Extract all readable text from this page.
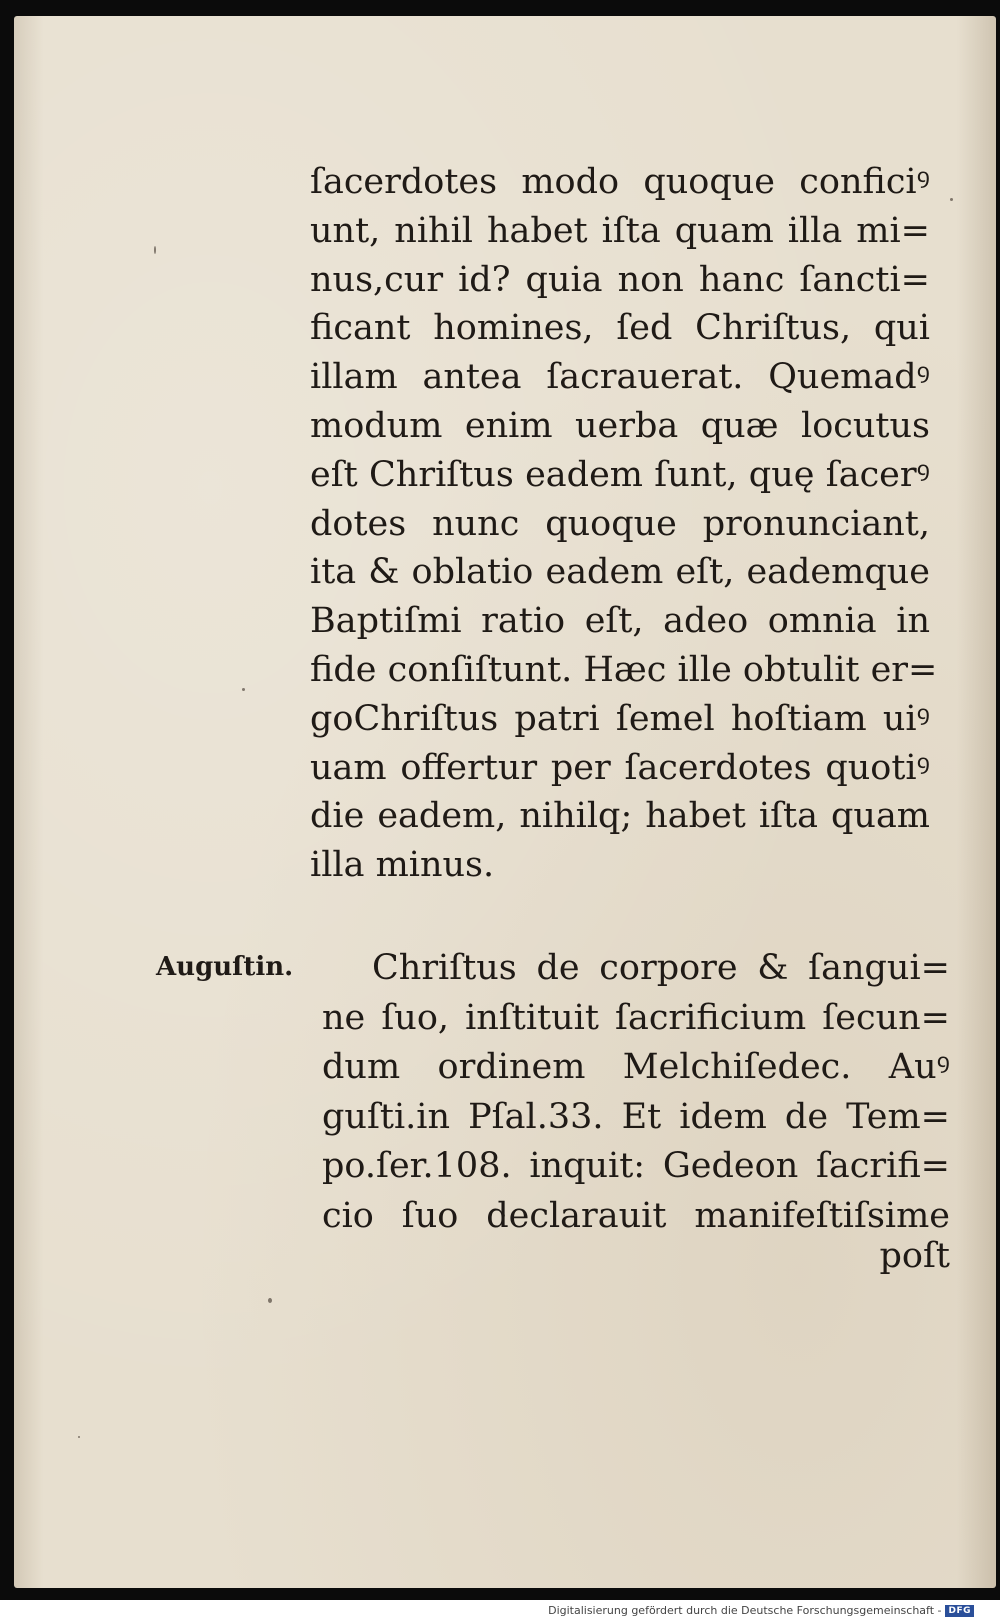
ſacerdotes modo quoque conficiꝰ
unt, nihil habet iſta quam illa mi=
nus,cur id? quia non hanc ſancti=
ficant homines, ſed Chriſtus, qui
illam antea ſacrauerat. Quemadꝰ
modum enim uerba quæ locutus
eſt Chriſtus eadem ſunt, quę ſacerꝰ
dotes nunc quoque pronunciant,
ita & oblatio eadem eſt, eademque
Baptiſmi ratio eſt, adeo omnia in
fide conſiſtunt. Hæc ille obtulit er=
goChriſtus patri ſemel hoſtiam uiꝰ
uam offertur per ſacerdotes quotiꝰ
die eadem, nihilq; habet iſta quam
illa minus.
Auguſtin.	Chriſtus de corpore & ſangui=
ne ſuo, inſtituit ſacrificium ſecun=
dum ordinem Melchiſedec. Auꝰ
guſti.in Pſal.33. Et idem de Tem=
po.ſer.108. inquit: Gedeon ſacrifi=
cio ſuo declarauit manifeſtiſsime
poſt
Digitalisierung gefördert durch die Deutsche Forschungsgemeinschaft - DFG
